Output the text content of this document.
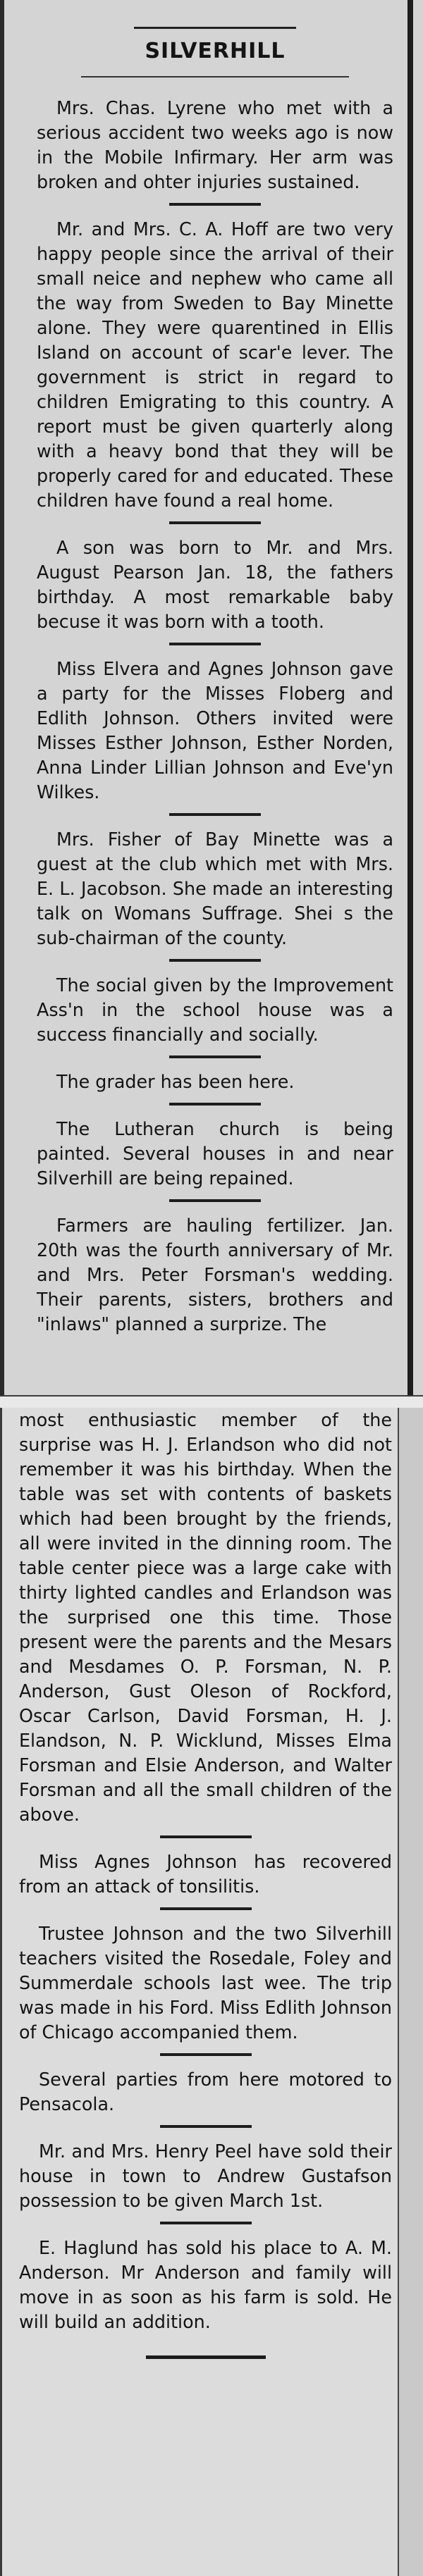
SILVERHILL

Mrs. Chas. Lyrene who met with a serious accident two weeks ago is now in the Mobile Infirmary. Her arm was broken and ohter injuries sustained.

Mr. and Mrs. C. A. Hoff are two very happy people since the arrival of their small neice and nephew who came all the way from Sweden to Bay Minette alone. They were quarentined in Ellis Island on account of scar'e lever. The government is strict in regard to children Emigrating to this country. A report must be given quarterly along with a heavy bond that they will be properly cared for and educated. These children have found a real home.

A son was born to Mr. and Mrs. August Pearson Jan. 18, the fathers birthday. A most remarkable baby becuse it was born with a tooth.

Miss Elvera and Agnes Johnson gave a party for the Misses Floberg and Edlith Johnson. Others invited were Misses Esther Johnson, Esther Norden, Anna Linder Lillian Johnson and Eve'yn Wilkes.

Mrs. Fisher of Bay Minette was a guest at the club which met with Mrs. E. L. Jacobson. She made an interesting talk on Womans Suffrage. Shei s the sub-chairman of the county.

The social given by the Improvement Ass'n in the school house was a success financially and socially.

The grader has been here.

The Lutheran church is being painted. Several houses in and near Silverhill are being repained.

Farmers are hauling fertilizer. Jan. 20th was the fourth anniversary of Mr. and Mrs. Peter Forsman's wedding. Their parents, sisters, brothers and "inlaws" planned a surprize. The

most enthusiastic member of the surprise was H. J. Erlandson who did not remember it was his birthday. When the table was set with contents of baskets which had been brought by the friends, all were invited in the dinning room. The table center piece was a large cake with thirty lighted candles and Erlandson was the surprised one this time. Those present were the parents and the Mesars and Mesdames O. P. Forsman, N. P. Anderson, Gust Oleson of Rockford, Oscar Carlson, David Forsman, H. J. Elandson, N. P. Wicklund, Misses Elma Forsman and Elsie Anderson, and Walter Forsman and all the small children of the above.

Miss Agnes Johnson has recovered from an attack of tonsilitis.

Trustee Johnson and the two Silverhill teachers visited the Rosedale, Foley and Summerdale schools last wee. The trip was made in his Ford. Miss Edlith Johnson of Chicago accompanied them.

Several parties from here motored to Pensacola.

Mr. and Mrs. Henry Peel have sold their house in town to Andrew Gustafson possession to be given March 1st.

E. Haglund has sold his place to A. M. Anderson. Mr Anderson and family will move in as soon as his farm is sold. He will build an addition.
